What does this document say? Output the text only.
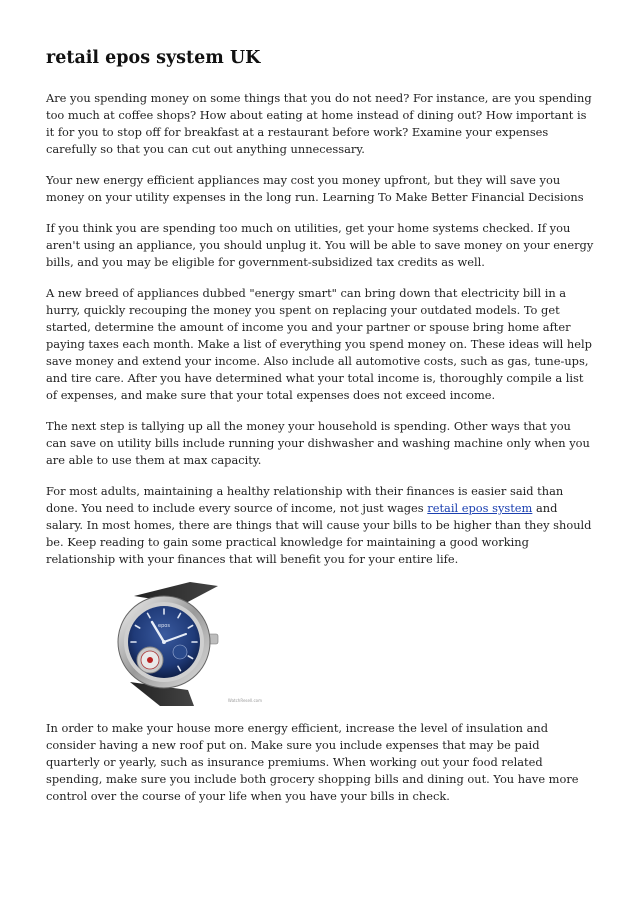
retail epos system UK

Are you spending money on some things that you do not need? For instance, are you spending too much at coffee shops? How about eating at home instead of dining out? How important is it for you to stop off for breakfast at a restaurant before work? Examine your expenses carefully so that you can cut out anything unnecessary.

Your new energy efficient appliances may cost you money upfront, but they will save you money on your utility expenses in the long run. Learning To Make Better Financial Decisions

If you think you are spending too much on utilities, get your home systems checked. If you aren't using an appliance, you should unplug it. You will be able to save money on your energy bills, and you may be eligible for government-subsidized tax credits as well.

A new breed of appliances dubbed "energy smart" can bring down that electricity bill in a hurry, quickly recouping the money you spent on replacing your outdated models. To get started, determine the amount of income you and your partner or spouse bring home after paying taxes each month. Make a list of everything you spend money on. These ideas will help save money and extend your income. Also include all automotive costs, such as gas, tune-ups, and tire care. After you have determined what your total income is, thoroughly compile a list of expenses, and make sure that your total expenses does not exceed income.

The next step is tallying up all the money your household is spending. Other ways that you can save on utility bills include running your dishwasher and washing machine only when you are able to use them at max capacity.

For most adults, maintaining a healthy relationship with their finances is easier said than done. You need to include every source of income, not just wages retail epos system and salary. In most homes, there are things that will cause your bills to be higher than they should be. Keep reading to gain some practical knowledge for maintaining a good working relationship with your finances that will benefit you for your entire life.

epos
WatchResell.com

In order to make your house more energy efficient, increase the level of insulation and consider having a new roof put on. Make sure you include expenses that may be paid quarterly or yearly, such as insurance premiums. When working out your food related spending, make sure you include both grocery shopping bills and dining out. You have more control over the course of your life when you have your bills in check.
